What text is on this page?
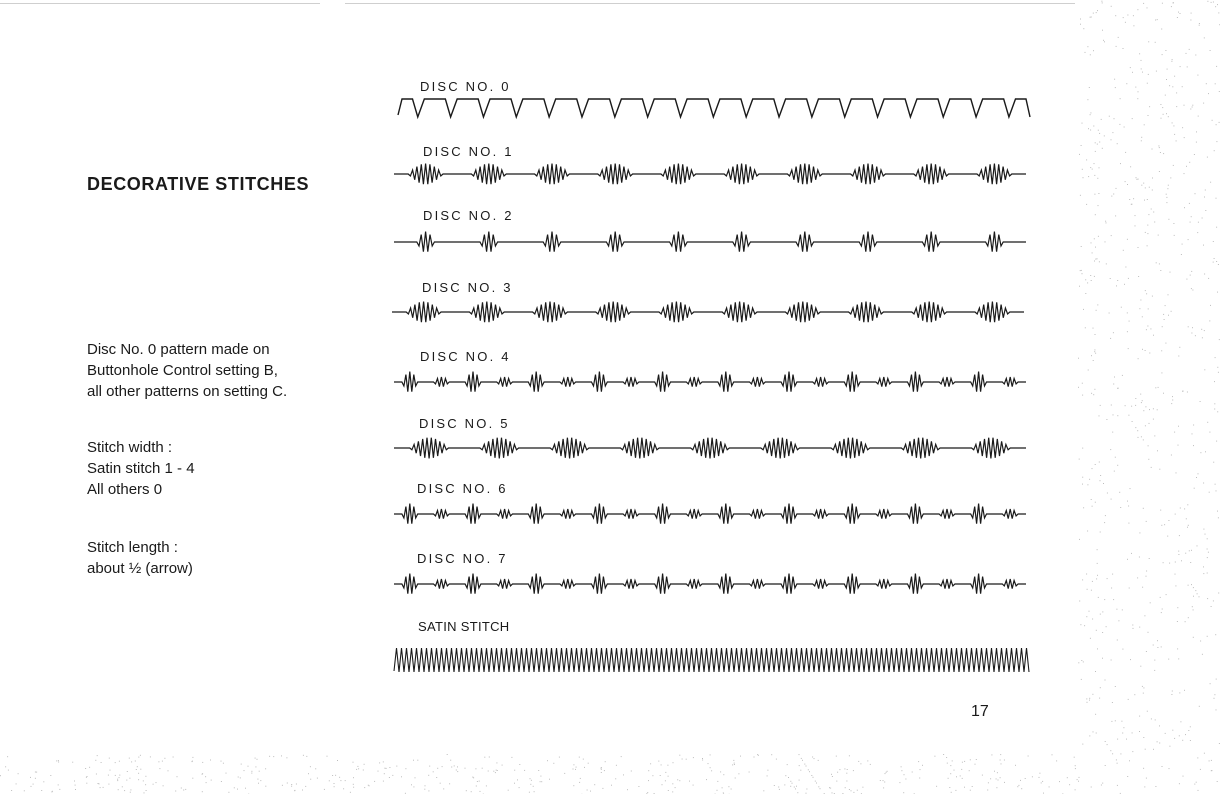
DECORATIVE STITCHES

Disc No. 0 pattern made on
Buttonhole Control setting B,
all other patterns on setting C.

Stitch width :
Satin stitch 1 - 4
All others 0

Stitch length :
about ½ (arrow)

DISC NO. 0

DISC NO. 1

DISC NO. 2

DISC NO. 3

DISC NO. 4

DISC NO. 5

DISC NO. 6

DISC NO. 7

SATIN STITCH

17
